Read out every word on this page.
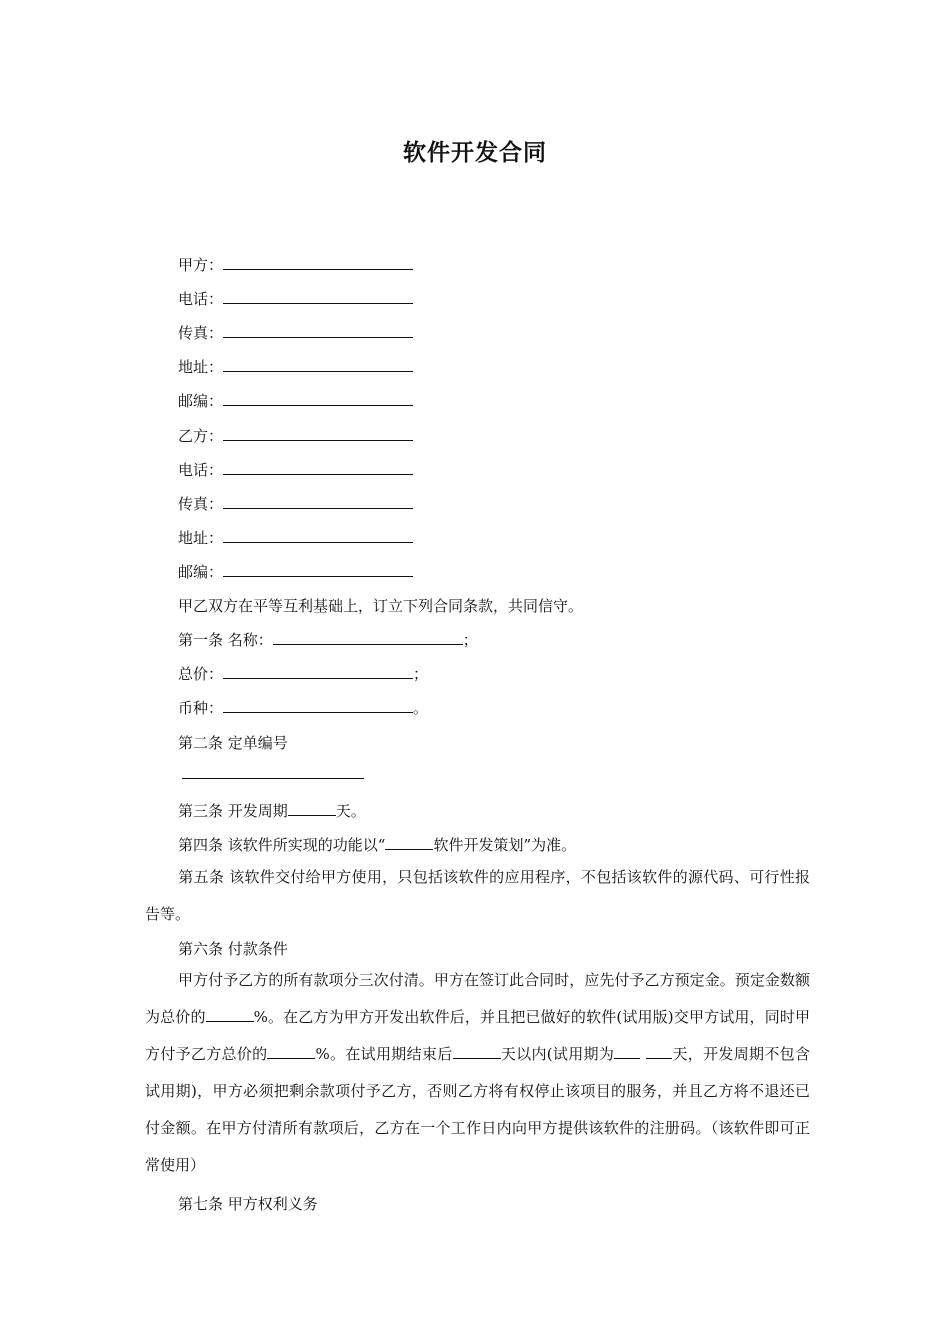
软件开发合同
甲方：
电话：
传真：
地址：
邮编：
乙方：
电话：
传真：
地址：
邮编：
甲乙双方在平等互利基础上，订立下列合同条款，共同信守。
第一条 名称：	；
总价：	；
币种：	。
第二条 定单编号
第三条 开发周期	天。
第四条 该软件所实现的功能以“	软件开发策划”为准。
第五条 该软件交付给甲方使用，只包括该软件的应用程序，不包括该软件的源代码、可行性报告等。
第六条 付款条件
甲方付予乙方的所有款项分三次付清。甲方在签订此合同时，应先付予乙方预定金。预定金数额为总价的	%。在乙方为甲方开发出软件后，并且把已做好的软件(试用版)交甲方试用，同时甲方付予乙方总价的	%。在试用期结束后	天以内(试用期为	天，开发周期不包含试用期)，甲方必须把剩余款项付予乙方，否则乙方将有权停止该项目的服务，并且乙方将不退还已付金额。在甲方付清所有款项后，乙方在一个工作日内向甲方提供该软件的注册码。（该软件即可正常使用）
第七条 甲方权利义务
